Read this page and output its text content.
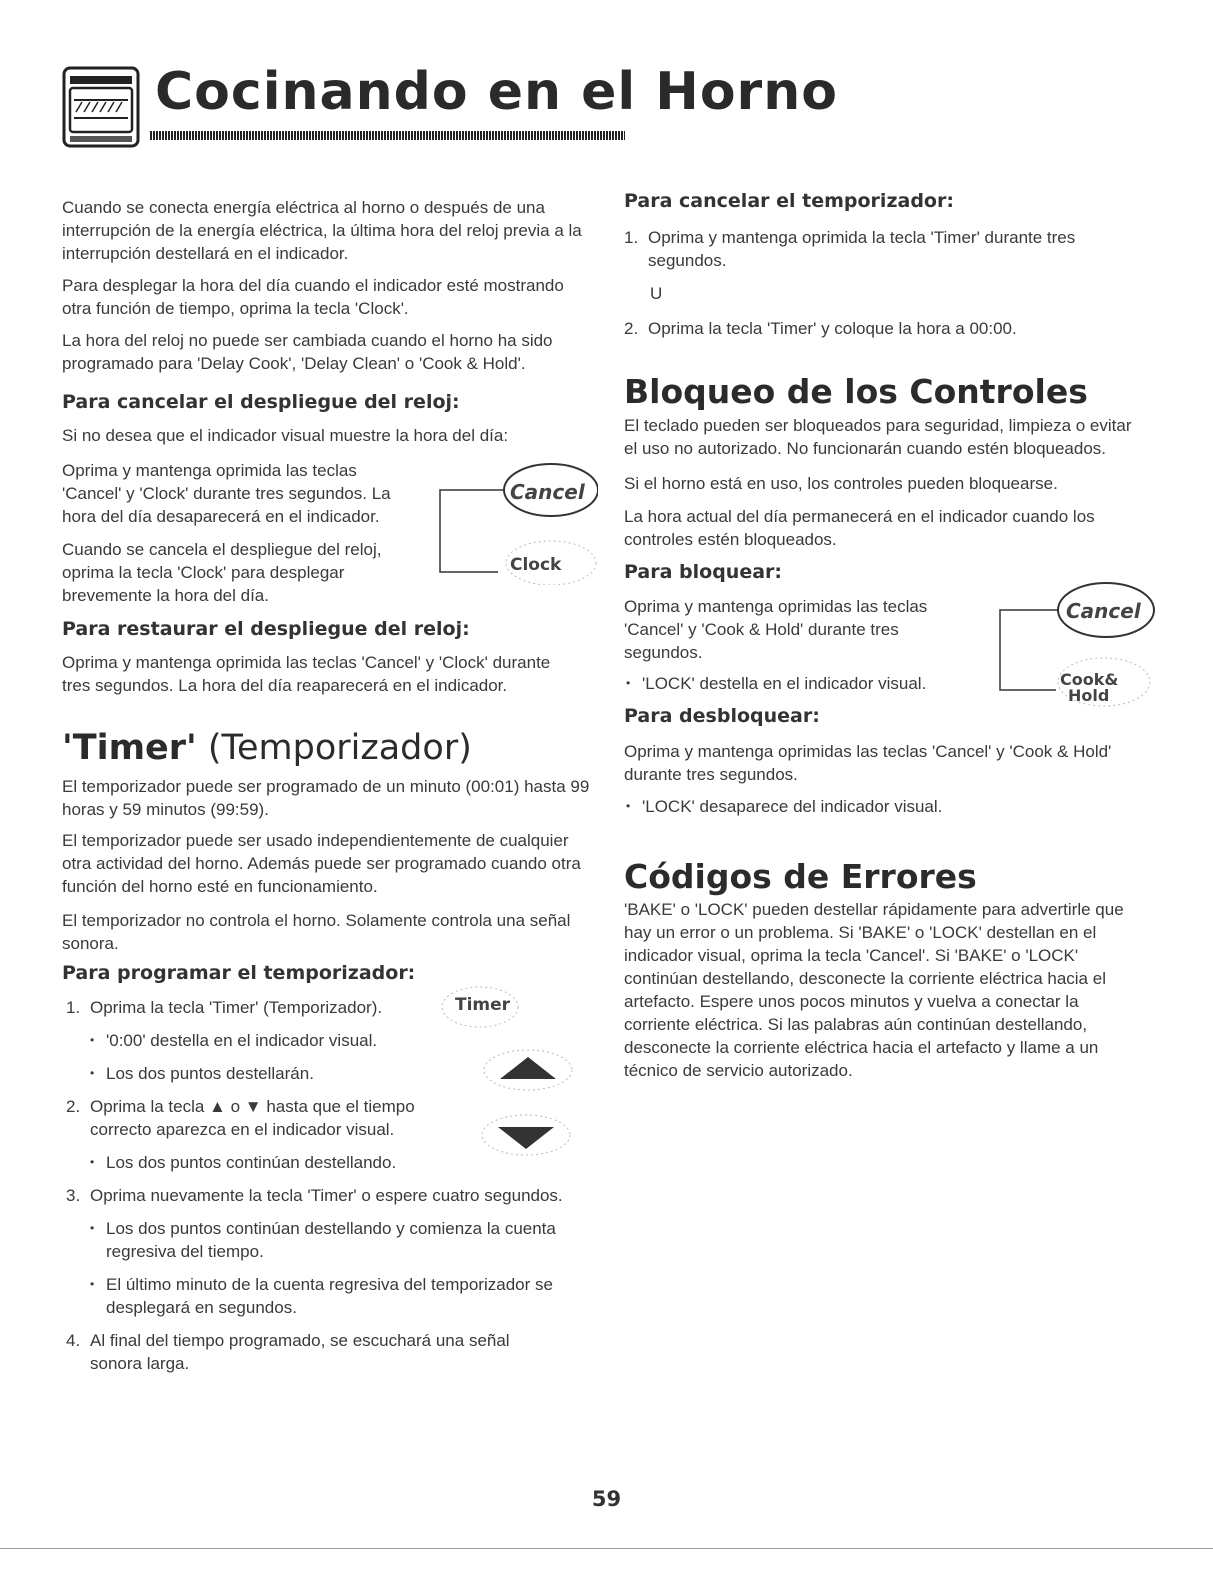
Cocinando en el Horno

Cuando se conecta energía eléctrica al horno o después de una interrupción de la energía eléctrica, la última hora del reloj previa a la interrupción destellará en el indicador.

Para desplegar la hora del día cuando el indicador esté mostrando otra función de tiempo, oprima la tecla 'Clock'.

La hora del reloj no puede ser cambiada cuando el horno ha sido programado para 'Delay Cook', 'Delay Clean' o 'Cook & Hold'.

Para cancelar el despliegue del reloj:
Si no desea que el indicador visual muestre la hora del día:
Oprima y mantenga oprimida las teclas 'Cancel' y 'Clock' durante tres segundos. La hora del día desaparecerá en el indicador.
Cuando se cancela el despliegue del reloj, oprima la tecla 'Clock' para desplegar brevemente la hora del día.
Cancel
Clock
Para restaurar el despliegue del reloj:
Oprima y mantenga oprimida las teclas 'Cancel' y 'Clock' durante tres segundos. La hora del día reaparecerá en el indicador.
'Timer' (Temporizador)
El temporizador puede ser programado de un minuto (00:01) hasta 99 horas y 59 minutos (99:59).
El temporizador puede ser usado independientemente de cualquier otra actividad del horno. Además puede ser programado cuando otra función del horno esté en funcionamiento.
El temporizador no controla el horno. Solamente controla una señal sonora.
Para programar el temporizador:
1. Oprima la tecla 'Timer' (Temporizador).
• '0:00' destella en el indicador visual.
• Los dos puntos destellarán.
2. Oprima la tecla ▲ o ▼ hasta que el tiempo correcto aparezca en el indicador visual.
• Los dos puntos continúan destellando.
3. Oprima nuevamente la tecla 'Timer' o espere cuatro segundos.
• Los dos puntos continúan destellando y comienza la cuenta regresiva del tiempo.
• El último minuto de la cuenta regresiva del temporizador se desplegará en segundos.
4. Al final del tiempo programado, se escuchará una señal sonora larga.
Timer
Para cancelar el temporizador:
1. Oprima y mantenga oprimida la tecla 'Timer' durante tres segundos.
U
2. Oprima la tecla 'Timer' y coloque la hora a 00:00.
Bloqueo de los Controles
El teclado pueden ser bloqueados para seguridad, limpieza o evitar el uso no autorizado. No funcionarán cuando estén bloqueados.
Si el horno está en uso, los controles pueden bloquearse.
La hora actual del día permanecerá en el indicador cuando los controles estén bloqueados.
Para bloquear:
Oprima y mantenga oprimidas las teclas 'Cancel' y 'Cook & Hold' durante tres segundos.
• 'LOCK' destella en el indicador visual.
Cancel
Cook&
Hold
Para desbloquear:
Oprima y mantenga oprimidas las teclas 'Cancel' y 'Cook & Hold' durante tres segundos.
• 'LOCK' desaparece del indicador visual.
Códigos de Errores
'BAKE' o 'LOCK' pueden destellar rápidamente para advertirle que hay un error o un problema. Si 'BAKE' o 'LOCK' destellan en el indicador visual, oprima la tecla 'Cancel'. Si 'BAKE' o 'LOCK' continúan destellando, desconecte la corriente eléctrica hacia el artefacto. Espere unos pocos minutos y vuelva a conectar la corriente eléctrica. Si las palabras aún continúan destellando, desconecte la corriente eléctrica hacia el artefacto y llame a un técnico de servicio autorizado.
59
